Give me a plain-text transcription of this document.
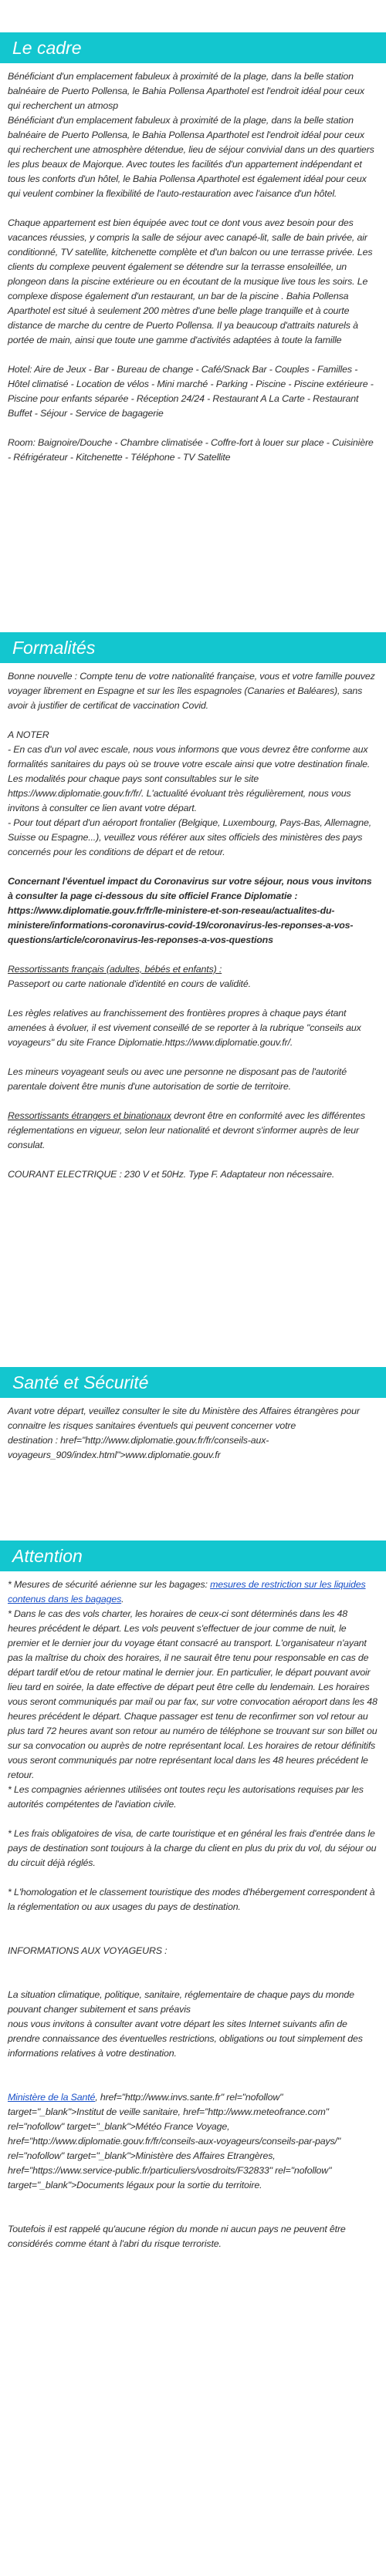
Le cadre

Bénéficiant d'un emplacement fabuleux à proximité de la plage, dans la belle station balnéaire de Puerto Pollensa, le Bahia Pollensa Aparthotel est l'endroit idéal pour ceux qui recherchent un atmosp
Bénéficiant d'un emplacement fabuleux à proximité de la plage, dans la belle station balnéaire de Puerto Pollensa, le Bahia Pollensa Aparthotel est l'endroit idéal pour ceux qui recherchent une atmosphère détendue, lieu de séjour convivial dans un des quartiers les plus beaux de Majorque. Avec toutes les facilités d'un appartement indépendant et tous les conforts d'un hôtel, le Bahia Pollensa Aparthotel est également idéal pour ceux qui veulent combiner la flexibilité de l'auto-restauration avec l'aisance d'un hôtel.

Chaque appartement est bien équipée avec tout ce dont vous avez besoin pour des vacances réussies, y compris la salle de séjour avec canapé-lit, salle de bain privée, air conditionné, TV satellite, kitchenette complète et d'un balcon ou une terrasse privée. Les clients du complexe peuvent également se détendre sur la terrasse ensoleillée, un plongeon dans la piscine extérieure ou en écoutant de la musique live tous les soirs. Le complexe dispose également d'un restaurant, un bar de la piscine . Bahia Pollensa Aparthotel est situé à seulement 200 mètres d'une belle plage tranquille et à courte distance de marche du centre de Puerto Pollensa. Il ya beaucoup d'attraits naturels à portée de main, ainsi que toute une gamme d'activités adaptées à toute la famille

Hotel: Aire de Jeux - Bar - Bureau de change - Café/Snack Bar - Couples - Familles - Hôtel climatisé - Location de vélos - Mini marché - Parking - Piscine - Piscine extérieure - Piscine pour enfants séparée - Réception 24/24 - Restaurant A La Carte - Restaurant Buffet - Séjour - Service de bagagerie

Room: Baignoire/Douche - Chambre climatisée - Coffre-fort à louer sur place - Cuisinière - Réfrigérateur - Kitchenette - Téléphone - TV Satellite

Formalités

Bonne nouvelle : Compte tenu de votre nationalité française, vous et votre famille pouvez voyager librement en Espagne et sur les îles espagnoles (Canaries et Baléares), sans avoir à justifier de certificat de vaccination Covid.

A NOTER
- En cas d'un vol avec escale, nous vous informons que vous devrez être conforme aux formalités sanitaires du pays où se trouve votre escale ainsi que votre destination finale.
Les modalités pour chaque pays sont consultables sur le site https://www.diplomatie.gouv.fr/fr/. L'actualité évoluant très régulièrement, nous vous invitons à consulter ce lien avant votre départ.
- Pour tout départ d'un aéroport frontalier (Belgique, Luxembourg, Pays-Bas, Allemagne, Suisse ou Espagne...), veuillez vous référer aux sites officiels des ministères des pays concernés pour les conditions de départ et de retour.

Concernant l'éventuel impact du Coronavirus sur votre séjour, nous vous invitons à consulter la page ci-dessous du site officiel France Diplomatie : https://www.diplomatie.gouv.fr/fr/le-ministere-et-son-reseau/actualites-du-ministere/informations-coronavirus-covid-19/coronavirus-les-reponses-a-vos-questions/article/coronavirus-les-reponses-a-vos-questions

Ressortissants français (adultes, bébés et enfants) :
Passeport ou carte nationale d'identité en cours de validité.

Les règles relatives au franchissement des frontières propres à chaque pays étant amenées à évoluer, il est vivement conseillé de se reporter à la rubrique "conseils aux voyageurs" du site France Diplomatie.https://www.diplomatie.gouv.fr/.

Les mineurs voyageant seuls ou avec une personne ne disposant pas de l'autorité parentale doivent être munis d'une autorisation de sortie de territoire.

Ressortissants étrangers et binationaux devront être en conformité avec les différentes réglementations en vigueur, selon leur nationalité et devront s'informer auprès de leur consulat.

COURANT ELECTRIQUE : 230 V et 50Hz. Type F. Adaptateur non nécessaire.

Santé et Sécurité

Avant votre départ, veuillez consulter le site du Ministère des Affaires étrangères pour connaitre les risques sanitaires éventuels qui peuvent concerner votre
destination : href="http://www.diplomatie.gouv.fr/fr/conseils-aux-voyageurs_909/index.html">www.diplomatie.gouv.fr

Attention

* Mesures de sécurité aérienne sur les bagages: mesures de restriction sur les liquides contenus dans les bagages.

* Dans le cas des vols charter, les horaires de ceux-ci sont déterminés dans les 48 heures précédent le départ. Les vols peuvent s'effectuer de jour comme de nuit, le premier et le dernier jour du voyage étant consacré au transport. L'organisateur n'ayant pas la maîtrise du choix des horaires, il ne saurait être tenu pour responsable en cas de départ tardif et/ou de retour matinal le dernier jour. En particulier, le départ pouvant avoir lieu tard en soirée, la date effective de départ peut être celle du lendemain. Les horaires vous seront communiqués par mail ou par fax, sur votre convocation aéroport dans les 48 heures précédent le départ. Chaque passager est tenu de reconfirmer son vol retour au plus tard 72 heures avant son retour au numéro de téléphone se trouvant sur son billet ou sur sa convocation ou auprès de notre représentant local. Les horaires de retour définitifs vous seront communiqués par notre représentant local dans les 48 heures précédent le retour.
* Les compagnies aériennes utilisées ont toutes reçu les autorisations requises par les autorités compétentes de l'aviation civile.

* Les frais obligatoires de visa, de carte touristique et en général les frais d'entrée dans le pays de destination sont toujours à la charge du client en plus du prix du vol, du séjour ou du circuit déjà réglés.

* L'homologation et le classement touristique des modes d'hébergement correspondent à la réglementation ou aux usages du pays de destination.

INFORMATIONS AUX VOYAGEURS :

La situation climatique, politique, sanitaire, réglementaire de chaque pays du monde pouvant changer subitement et sans préavis
nous vous invitons à consulter avant votre départ les sites Internet suivants afin de prendre connaissance des éventuelles restrictions, obligations ou tout simplement des informations relatives à votre destination.

Ministère de la Santé, href="http://www.invs.sante.fr" rel="nofollow" target="_blank">Institut de veille sanitaire, href="http://www.meteofrance.com" rel="nofollow" target="_blank">Météo France Voyage, href="http://www.diplomatie.gouv.fr/fr/conseils-aux-voyageurs/conseils-par-pays/" rel="nofollow" target="_blank">Ministère des Affaires Etrangères, href="https://www.service-public.fr/particuliers/vosdroits/F32833" rel="nofollow" target="_blank">Documents légaux pour la sortie du territoire.

Toutefois il est rappelé qu'aucune région du monde ni aucun pays ne peuvent être considérés comme étant à l'abri du risque terroriste.
